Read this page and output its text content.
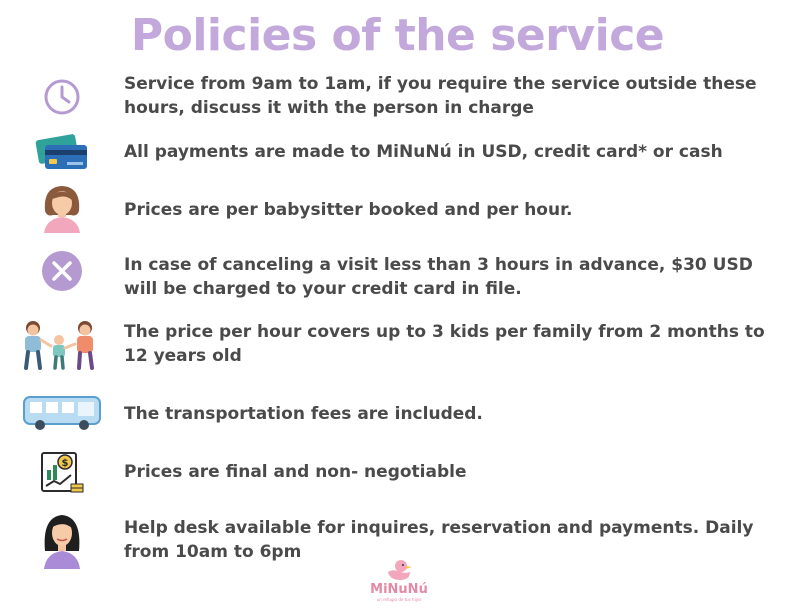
Policies of the service
Service from 9am to 1am, if you require the service outside these hours, discuss it with the person in charge
All payments are made to MiNuNú in USD, credit card* or cash
Prices are per babysitter booked and per hour.
In case of canceling a visit less than 3 hours in advance, $30 USD will be charged to your credit card in file.
The price per hour covers up to 3 kids per family from 2 months to 12 years old
The transportation fees are included.
$	Prices are final and non- negotiable
Help desk available for inquires, reservation and payments. Daily from 10am to 6pm
MiNuNú
un refugio de tus hijos
